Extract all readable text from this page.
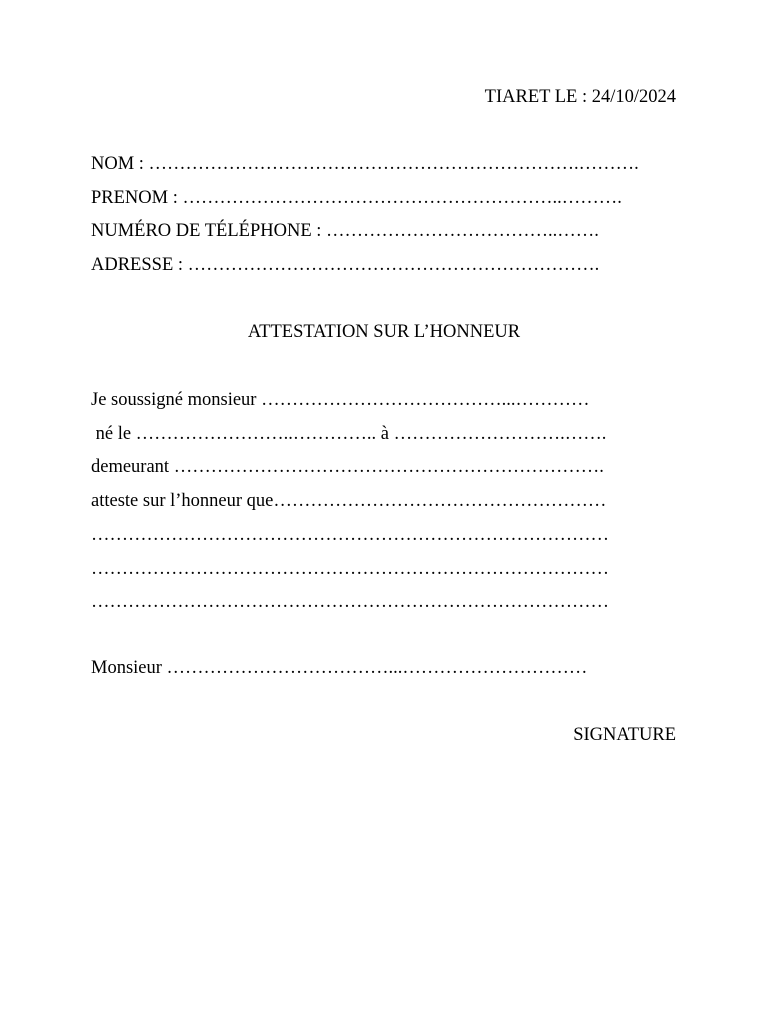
TIARET LE : 24/10/2024
NOM : …………………………………………………………….……….
PRENOM : ……………………………………………………..……….
NUMÉRO DE TÉLÉPHONE : ………………………………..…….
ADRESSE : ………………………………………………………….
ATTESTATION SUR L’HONNEUR
Je soussigné monsieur …………………………………...…………
né le ……………………..………….. à ……………………….…….
demeurant …………………………………………………………….
atteste sur l’honneur que………………………………………………
…………………………………………………………………………
…………………………………………………………………………
…………………………………………………………………………
Monsieur ………………………………...…………………………
SIGNATURE
